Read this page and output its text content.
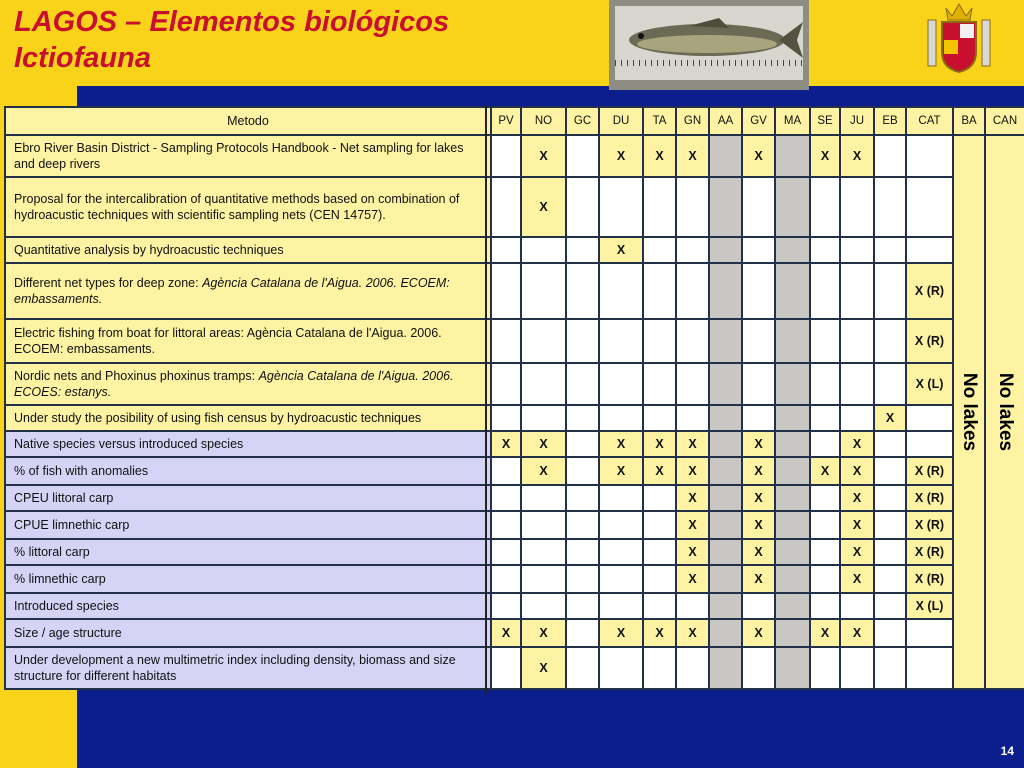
LAGOS – Elementos biológicos
Ictiofauna
Metodo	PV	NO	GC	DU	TA	GN	AA	GV	MA	SE	JU	EB	CAT	BA	CAN
Ebro River Basin District - Sampling Protocols Handbook - Net sampling for lakes and deep rivers		X		X	X	X		X		X	X			No lakes	No lakes

Proposal for the intercalibration of quantitative methods based on combination of hydroacustic techniques with scientific sampling nets (CEN 14757).		X													
Quantitative analysis by hydroacustic techniques				X											
Different net types for deep zone: Agència Catalana de l'Aigua. 2006. ECOEM: embassaments.													X (R)		
Electric fishing from boat for littoral areas: Agència Catalana de l'Aigua. 2006. ECOEM: embassaments.													X (R)		
Nordic nets and Phoxinus phoxinus tramps: Agència Catalana de l'Aigua. 2006. ECOES: estanys.													X (L)		
Under study the posibility of using fish census by hydroacustic techniques												X			
Native species versus introduced species	X	X		X	X	X		X			X				
% of fish with anomalies		X		X	X	X		X		X	X		X (R)		
CPEU littoral carp						X		X			X		X (R)		
CPUE limnethic carp						X		X			X		X (R)		
% littoral carp						X		X			X		X (R)		
% limnethic carp						X		X			X		X (R)		
Introduced species													X (L)		
Size / age structure	X	X		X	X	X		X		X	X				
Under development a new multimetric index including density, biomass and size structure for different habitats		X													
14
